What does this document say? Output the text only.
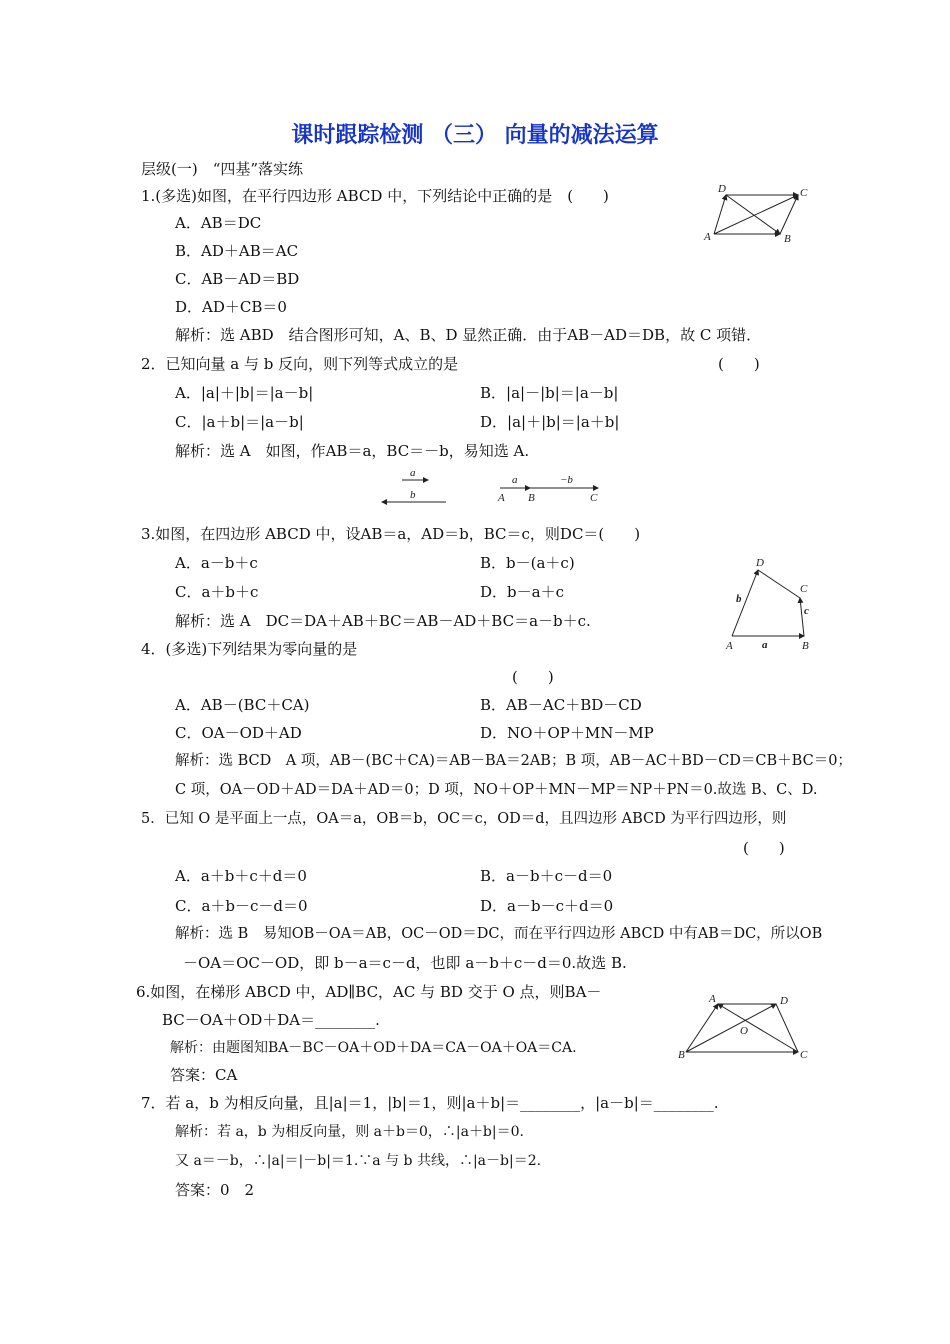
课时跟踪检测 （三） 向量的减法运算
层级(一)　“四基”落实练
1.(多选)如图，在平行四边形 ABCD 中，下列结论中正确的是　(　　)
A．AB＝DC
B．AD＋AB＝AC
C．AB－AD＝BD
D．AD＋CB＝0
解析：选 ABD　结合图形可知，A、B、D 显然正确．由于AB－AD＝DB，故 C 项错．
A	B
C
D
2．已知向量 a 与 b 反向，则下列等式成立的是	(　　)
A．|a|＋|b|＝|a－b|	B．|a|－|b|＝|a－b|
C．|a＋b|＝|a－b|	D．|a|＋|b|＝|a＋b|
解析：选 A　如图，作AB＝a，BC＝－b，易知选 A.
a
b
a	−b
A B	C
3.如图，在四边形 ABCD 中，设AB＝a，AD＝b，BC＝c，则DC＝(　　)
A．a－b＋c	B．b－(a＋c)
C．a＋b＋c	D．b－a＋c
解析：选 A　DC＝DA＋AB＋BC＝AB－AD＋BC＝a－b＋c.
A	B
C
D
a
b
c
4．(多选)下列结果为零向量的是
(　　)
A．AB－(BC＋CA)	B．AB－AC＋BD－CD
C．OA－OD＋AD	D．NO＋OP＋MN－MP
解析：选 BCD　A 项，AB－(BC＋CA)＝AB－BA＝2AB；B 项，AB－AC＋BD－CD＝CB＋BC＝0；
C 项，OA－OD＋AD＝DA＋AD＝0；D 项，NO＋OP＋MN－MP＝NP＋PN＝0.故选 B、C、D.
5．已知 O 是平面上一点，OA＝a，OB＝b，OC＝c，OD＝d，且四边形 ABCD 为平行四边形，则
(　　)
A．a＋b＋c＋d＝0	B．a－b＋c－d＝0
C．a＋b－c－d＝0	D．a－b－c＋d＝0
解析：选 B　易知OB－OA＝AB，OC－OD＝DC，而在平行四边形 ABCD 中有AB＝DC，所以OB
－OA＝OC－OD，即 b－a＝c－d，也即 a－b＋c－d＝0.故选 B.
6.如图，在梯形 ABCD 中，AD∥BC，AC 与 BD 交于 O 点，则BA－
BC－OA＋OD＋DA＝________.
解析：由题图知BA－BC－OA＋OD＋DA＝CA－OA＋OA＝CA.
答案：CA
B	C
A	D
O
7．若 a，b 为相反向量，且|a|＝1，|b|＝1，则|a＋b|＝________，|a－b|＝________.
解析：若 a，b 为相反向量，则 a＋b＝0，∴|a＋b|＝0.
又 a＝－b，∴|a|＝|－b|＝1.∵a 与 b 共线，∴|a－b|＝2.
答案：0　2
